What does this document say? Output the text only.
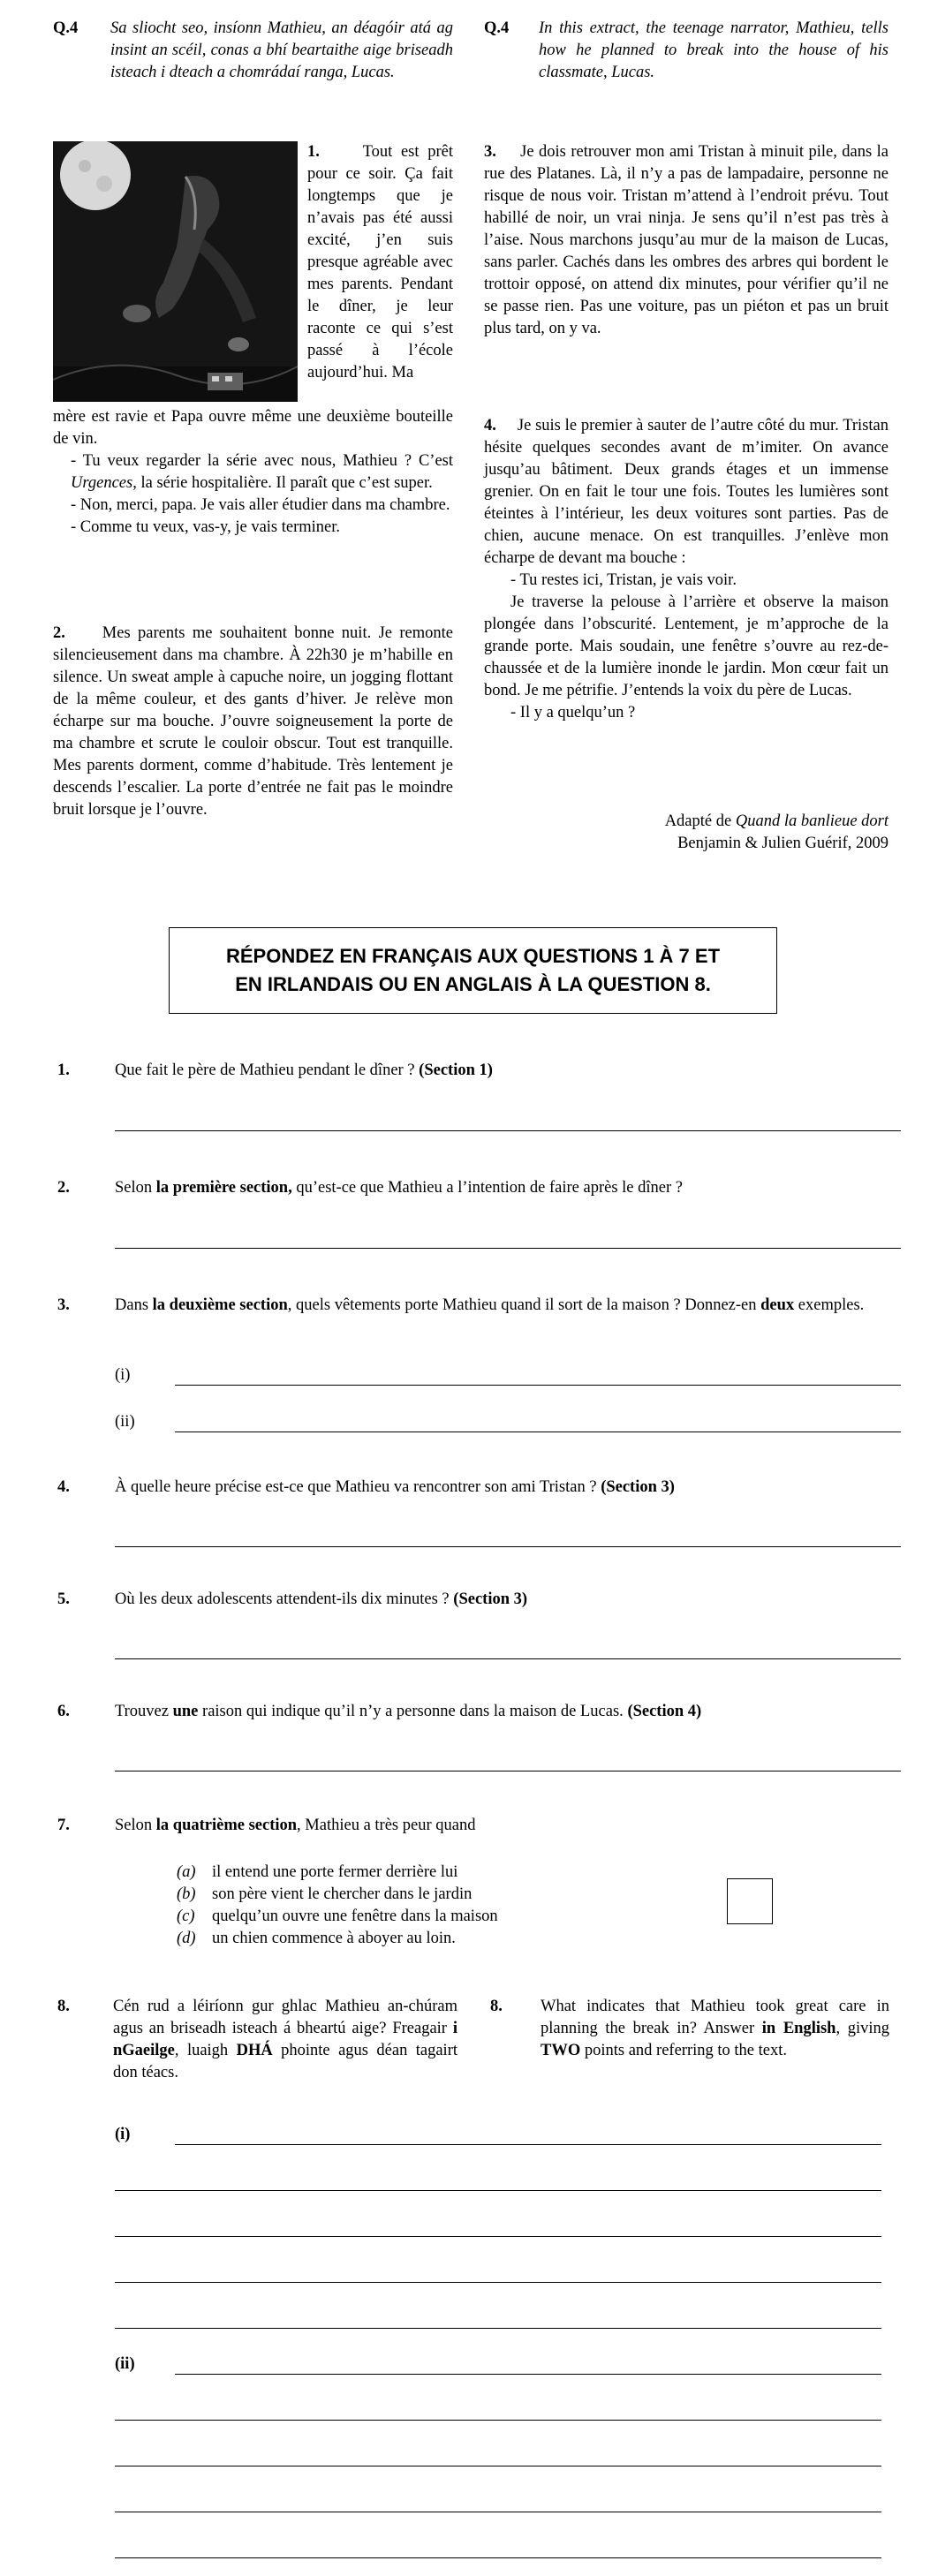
Q.4 Sa sliocht seo, insíonn Mathieu, an déagóir atá ag insint an scéil, conas a bhí beartaithe aige briseadh isteach i dteach a chomrádaí ranga, Lucas.
Q.4 In this extract, the teenage narrator, Mathieu, tells how he planned to break into the house of his classmate, Lucas.
1.	Tout est prêt pour ce soir. Ça fait longtemps que je n’avais pas été aussi excité, j’en suis presque agréable avec mes parents. Pendant le dîner, je leur raconte ce qui s’est passé à l’école aujourd’hui. Ma
mère est ravie et Papa ouvre même une deuxième bouteille de vin.
- Tu veux regarder la série avec nous, Mathieu ? C’est Urgences, la série hospitalière. Il paraît que c’est super.
- Non, merci, papa. Je vais aller étudier dans ma chambre.
- Comme tu veux, vas-y, je vais terminer.
2. Mes parents me souhaitent bonne nuit. Je remonte silencieusement dans ma chambre. À 22h30 je m’habille en silence. Un sweat ample à capuche noire, un jogging flottant de la même couleur, et des gants d’hiver. Je relève mon écharpe sur ma bouche. J’ouvre soigneusement la porte de ma chambre et scrute le couloir obscur. Tout est tranquille. Mes parents dorment, comme d’habitude. Très lentement je descends l’escalier. La porte d’entrée ne fait pas le moindre bruit lorsque je l’ouvre.
3. Je dois retrouver mon ami Tristan à minuit pile, dans la rue des Platanes. Là, il n’y a pas de lampadaire, personne ne risque de nous voir. Tristan m’attend à l’endroit prévu. Tout habillé de noir, un vrai ninja. Je sens qu’il n’est pas très à l’aise. Nous marchons jusqu’au mur de la maison de Lucas, sans parler. Cachés dans les ombres des arbres qui bordent le trottoir opposé, on attend dix minutes, pour vérifier qu’il ne se passe rien. Pas une voiture, pas un piéton et pas un bruit plus tard, on y va.
4. Je suis le premier à sauter de l’autre côté du mur. Tristan hésite quelques secondes avant de m’imiter. On avance jusqu’au bâtiment. Deux grands étages et un immense grenier. On en fait le tour une fois. Toutes les lumières sont éteintes à l’intérieur, les deux voitures sont parties. Pas de chien, aucune menace. On est tranquilles. J’enlève mon écharpe de devant ma bouche :
- Tu restes ici, Tristan, je vais voir.
Je traverse la pelouse à l’arrière et observe la maison plongée dans l’obscurité. Lentement, je m’approche de la grande porte. Mais soudain, une fenêtre s’ouvre au rez-de-chaussée et de la lumière inonde le jardin. Mon cœur fait un bond. Je me pétrifie. J’entends la voix du père de Lucas.
- Il y a quelqu’un ?
Adapté de Quand la banlieue dort
Benjamin & Julien Guérif, 2009
RÉPONDEZ EN FRANÇAIS AUX QUESTIONS 1 À 7 ET
EN IRLANDAIS OU EN ANGLAIS À LA QUESTION 8.
1.	Que fait le père de Mathieu pendant le dîner ? (Section 1)
2.	Selon la première section, qu’est-ce que Mathieu a l’intention de faire après le dîner ?
3.	Dans la deuxième section, quels vêtements porte Mathieu quand il sort de la maison ? Donnez-en deux exemples.
(i)
(ii)
4.	À quelle heure précise est-ce que Mathieu va rencontrer son ami Tristan ? (Section 3)
5.	Où les deux adolescents attendent-ils dix minutes ? (Section 3)
6.	Trouvez une raison qui indique qu’il n’y a personne dans la maison de Lucas. (Section 4)
7.	Selon la quatrième section, Mathieu a très peur quand
(a) il entend une porte fermer derrière lui
(b) son père vient le chercher dans le jardin
(c) quelqu’un ouvre une fenêtre dans la maison
(d) un chien commence à aboyer au loin.
8.	Cén rud a léiríonn gur ghlac Mathieu an-chúram agus an briseadh isteach á bheartú aige? Freagair i nGaeilge, luaigh DHÁ phointe agus déan tagairt don téacs.
8. What indicates that Mathieu took great care in planning the break in? Answer in English, giving TWO points and referring to the text.
(i)
(ii)
